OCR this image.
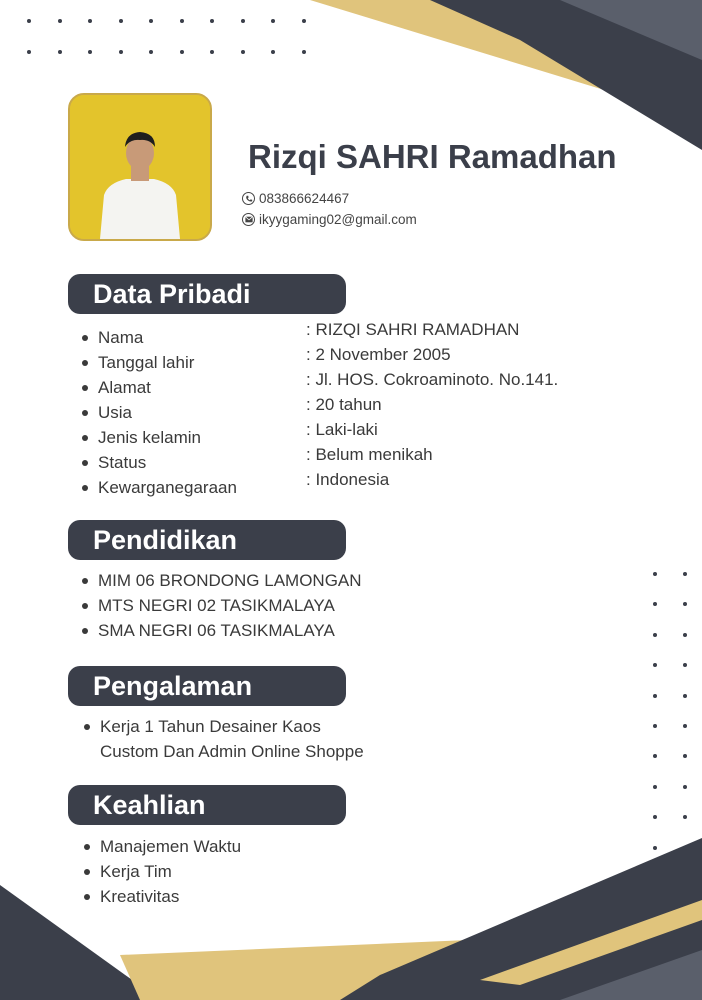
Rizqi SAHRI Ramadhan
083866624467
ikyygaming02@gmail.com
Data Pribadi
Nama
Tanggal lahir
Alamat
Usia
Jenis kelamin
Status
Kewarganegaraan
: RIZQI SAHRI RAMADHAN
: 2 November 2005
: Jl. HOS. Cokroaminoto. No.141.
: 20 tahun
: Laki-laki
: Belum menikah
: Indonesia
Pendidikan
MIM 06 BRONDONG LAMONGAN
MTS NEGRI 02 TASIKMALAYA
SMA NEGRI 06 TASIKMALAYA
Pengalaman
Kerja 1 Tahun Desainer Kaos
Custom Dan Admin Online Shoppe
Keahlian
Manajemen Waktu
Kerja Tim
Kreativitas
